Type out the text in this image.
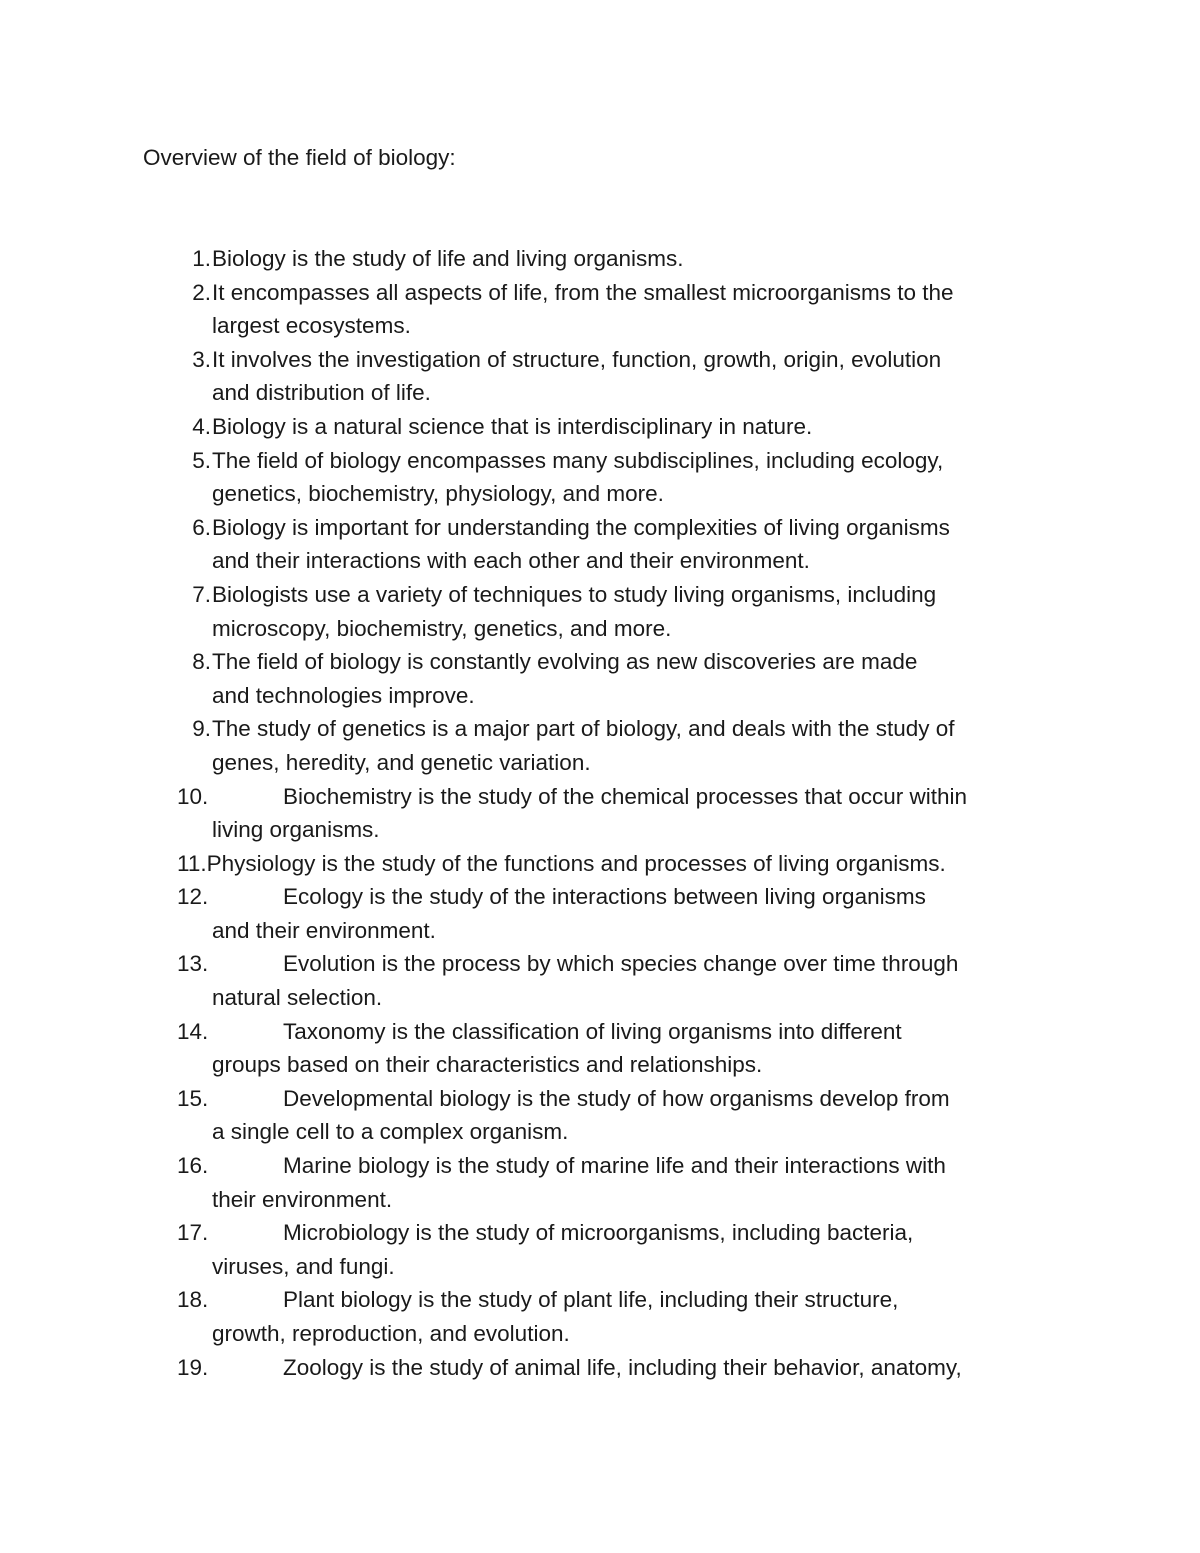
Overview of the field of biology:
1. Biology is the study of life and living organisms.
2. It encompasses all aspects of life, from the smallest microorganisms to the
largest ecosystems.
3. It involves the investigation of structure, function, growth, origin, evolution
and distribution of life.
4. Biology is a natural science that is interdisciplinary in nature.
5. The field of biology encompasses many subdisciplines, including ecology,
genetics, biochemistry, physiology, and more.
6. Biology is important for understanding the complexities of living organisms
and their interactions with each other and their environment.
7. Biologists use a variety of techniques to study living organisms, including
microscopy, biochemistry, genetics, and more.
8. The field of biology is constantly evolving as new discoveries are made
and technologies improve.
9. The study of genetics is a major part of biology, and deals with the study of
genes, heredity, and genetic variation.
10.	Biochemistry is the study of the chemical processes that occur within
living organisms.
11. Physiology is the study of the functions and processes of living organisms.
12.	Ecology is the study of the interactions between living organisms
and their environment.
13.	Evolution is the process by which species change over time through
natural selection.
14.	Taxonomy is the classification of living organisms into different
groups based on their characteristics and relationships.
15.	Developmental biology is the study of how organisms develop from
a single cell to a complex organism.
16.	Marine biology is the study of marine life and their interactions with
their environment.
17.	Microbiology is the study of microorganisms, including bacteria,
viruses, and fungi.
18.	Plant biology is the study of plant life, including their structure,
growth, reproduction, and evolution.
19.	Zoology is the study of animal life, including their behavior, anatomy,
